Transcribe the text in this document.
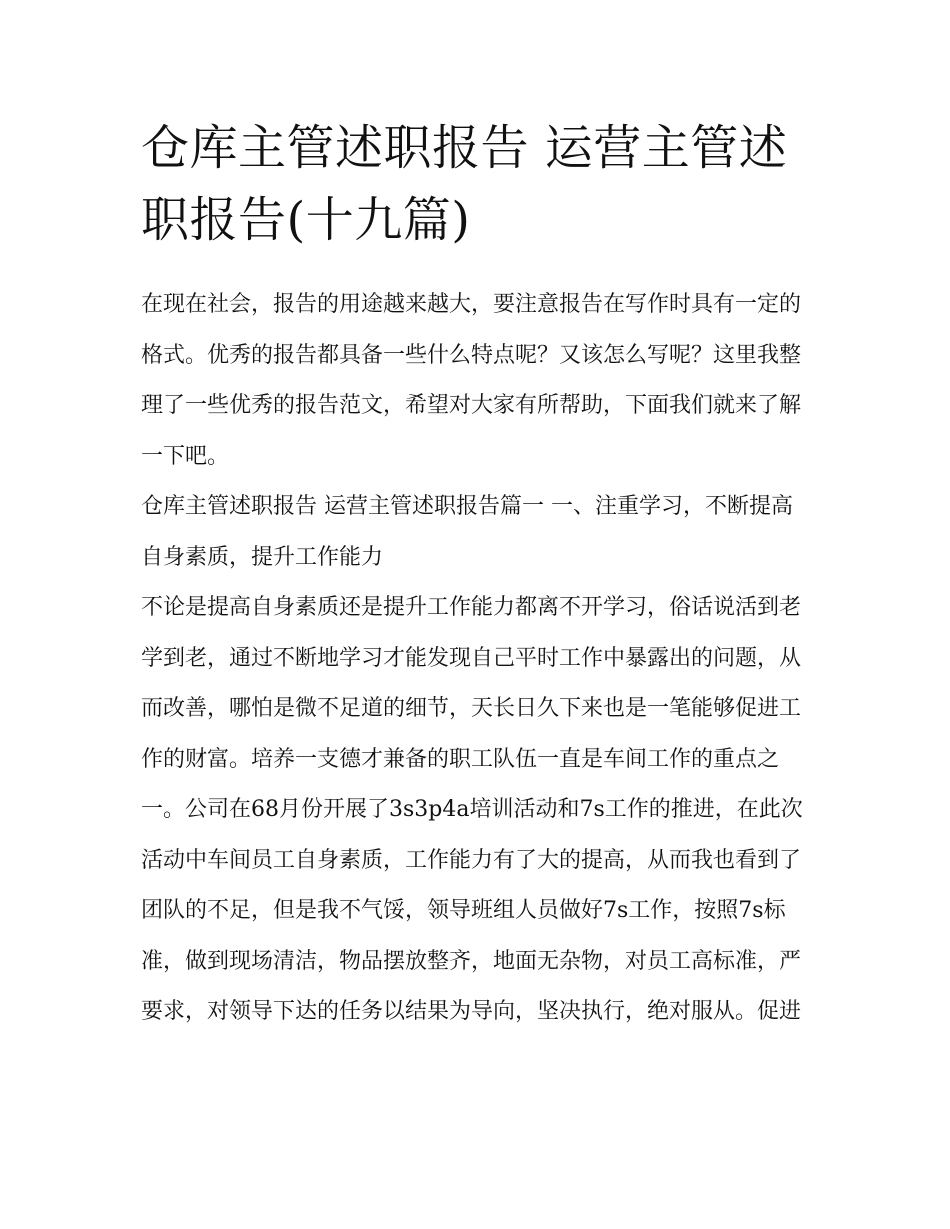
仓库主管述职报告 运营主管述职报告(十九篇)

在现在社会，报告的用途越来越大，要注意报告在写作时具有一定的格式。优秀的报告都具备一些什么特点呢？又该怎么写呢？这里我整理了一些优秀的报告范文，希望对大家有所帮助，下面我们就来了解一下吧。

仓库主管述职报告 运营主管述职报告篇一 一、注重学习，不断提高自身素质，提升工作能力

不论是提高自身素质还是提升工作能力都离不开学习，俗话说活到老学到老，通过不断地学习才能发现自己平时工作中暴露出的问题，从而改善，哪怕是微不足道的细节，天长日久下来也是一笔能够促进工作的财富。培养一支德才兼备的职工队伍一直是车间工作的重点之一。公司在68月份开展了3s3p4a培训活动和7s工作的推进，在此次活动中车间员工自身素质，工作能力有了大的提高，从而我也看到了团队的不足，但是我不气馁，领导班组人员做好7s工作，按照7s标准，做到现场清洁，物品摆放整齐，地面无杂物，对员工高标准，严要求，对领导下达的任务以结果为导向，坚决执行，绝对服从。促进
